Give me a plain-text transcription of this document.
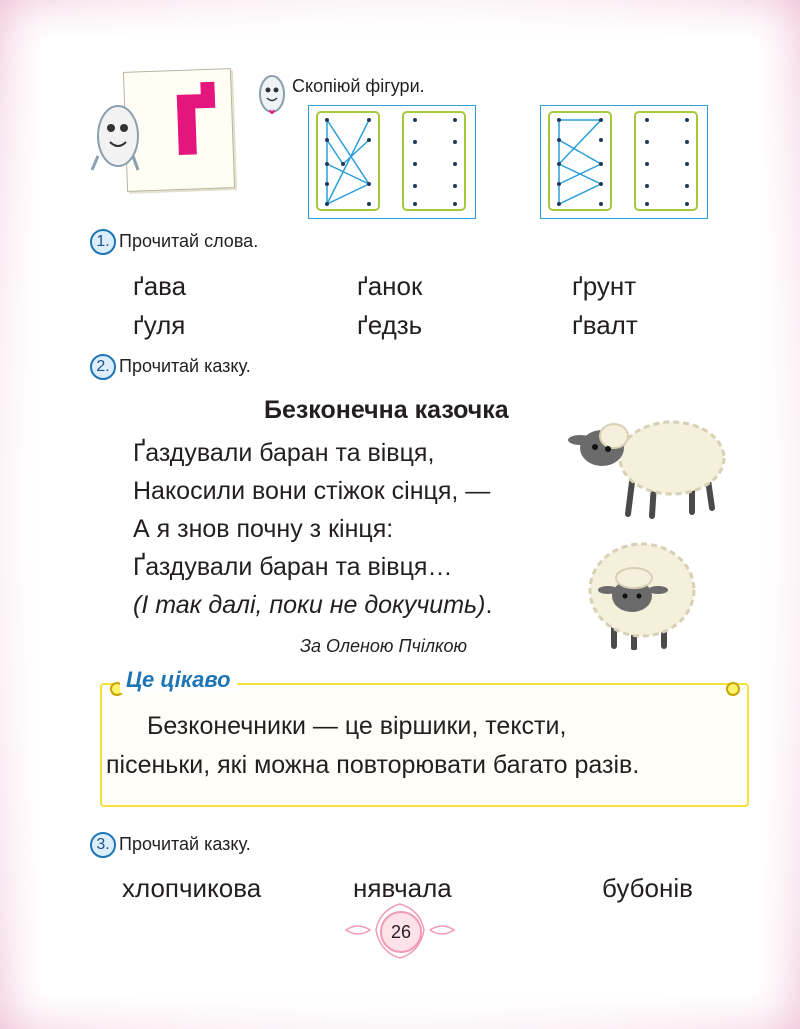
Скопіюй фігури.
1. Прочитай слова.
ґава	ґанок	ґрунт
ґуля	ґедзь	ґвалт
2. Прочитай казку.
Безконечна казочка
Ґаздували баран та вівця,
Накосили вони стіжок сінця, —
А я знов почну з кінця:
Ґаздували баран та вівця…
(І так далі, поки не докучить).
За Оленою Пчілкою
Це цікаво
Безконечники — це віршики, тексти,
пісеньки, які можна повторювати багато разів.
3. Прочитай казку.
хлопчикова	нявчала	бубонів
26
